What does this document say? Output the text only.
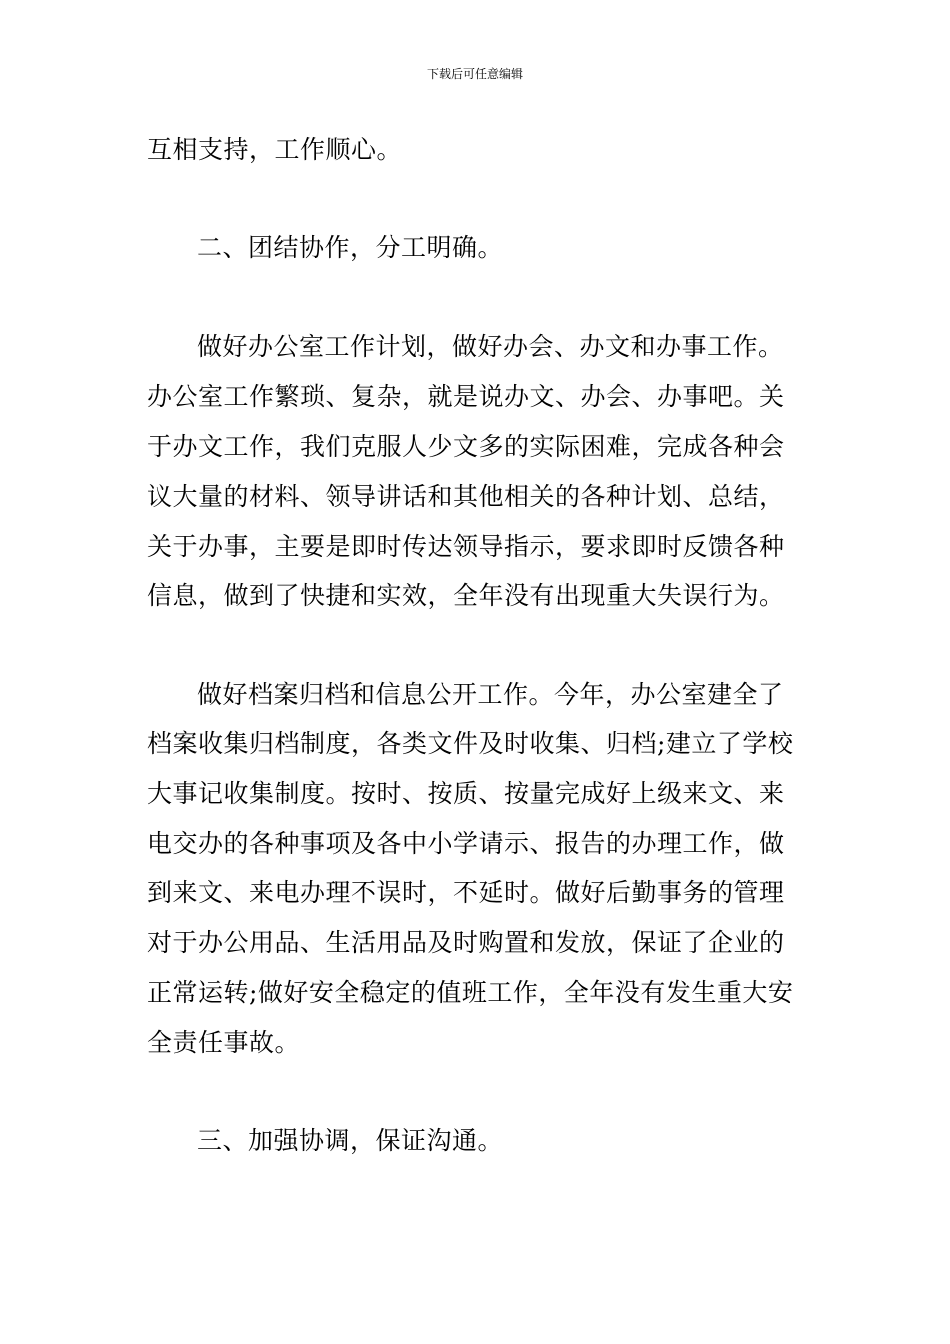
下载后可任意编辑
互相支持，工作顺心。
二、团结协作，分工明确。
做好办公室工作计划，做好办会、办文和办事工作。
办公室工作繁琐、复杂，就是说办文、办会、办事吧。关
于办文工作，我们克服人少文多的实际困难，完成各种会
议大量的材料、领导讲话和其他相关的各种计划、总结，
关于办事，主要是即时传达领导指示，要求即时反馈各种
信息，做到了快捷和实效，全年没有出现重大失误行为。
做好档案归档和信息公开工作。今年，办公室建全了
档案收集归档制度，各类文件及时收集、归档;建立了学校
大事记收集制度。按时、按质、按量完成好上级来文、来
电交办的各种事项及各中小学请示、报告的办理工作，做
到来文、来电办理不误时，不延时。做好后勤事务的管理
对于办公用品、生活用品及时购置和发放，保证了企业的
正常运转;做好安全稳定的值班工作，全年没有发生重大安
全责任事故。
三、加强协调，保证沟通。
